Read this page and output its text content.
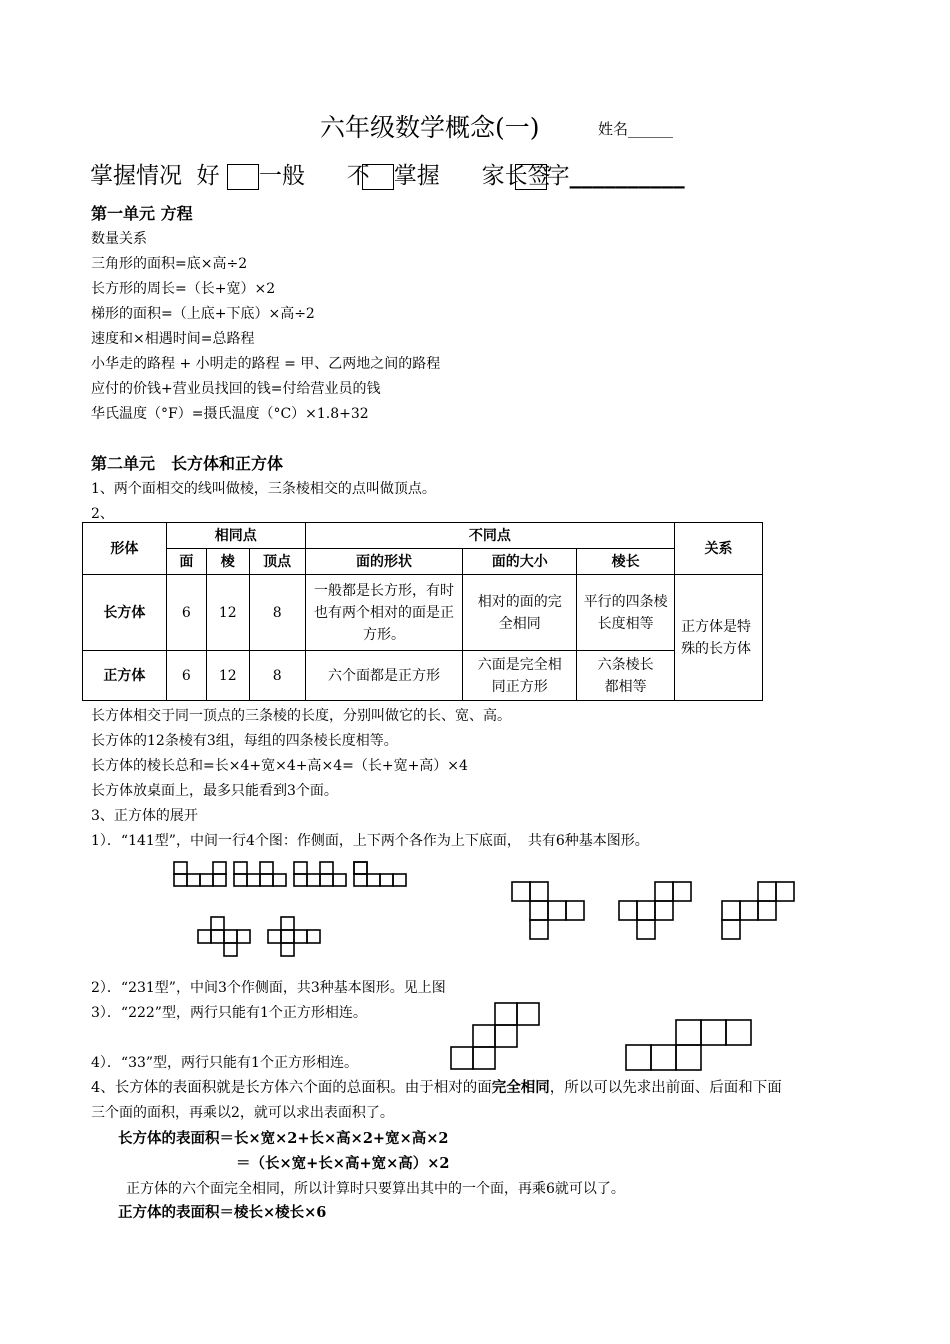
六年级数学概念(一)	姓名______
掌握情况 好 一般   不 掌握   家长签字__________
第一单元 方程
数量关系
三角形的面积=底×高÷2
长方形的周长=（长+宽）×2
梯形的面积=（上底+下底）×高÷2
速度和×相遇时间=总路程
小华走的路程 + 小明走的路程 = 甲、乙两地之间的路程
应付的价钱+营业员找回的钱=付给营业员的钱
华氏温度（°F）=摄氏温度（°C）×1.8+32
第二单元　长方体和正方体
1、两个面相交的线叫做棱，三条棱相交的点叫做顶点。
2、
形体	相同点			不同点			关系
	面	棱	顶点	面的形状	面的大小	棱长	
长方体	6	12	8	一般都是长方形，有时也有两个相对的面是正方形。	相对的面的完全相同	平行的四条棱长度相等	正方体是特殊的长方体
正方体	6	12	8	六个面都是正方形	六面是完全相同正方形	六条棱长都相等	
长方体相交于同一顶点的三条棱的长度，分别叫做它的长、宽、高。
长方体的12条棱有3组，每组的四条棱长度相等。
长方体的棱长总和=长×4+宽×4+高×4=（长+宽+高）×4
长方体放桌面上，最多只能看到3个面。
3、正方体的展开
1）．“141型”，中间一行4个图：作侧面，上下两个各作为上下底面，　共有6种基本图形。
2）．“231型”，中间3个作侧面，共3种基本图形。见上图
3）．“222”型，两行只能有1个正方形相连。
4）．“33”型，两行只能有1个正方形相连。
4、长方体的表面积就是长方体六个面的总面积。由于相对的面完全相同，所以可以先求出前面、后面和下面
三个面的面积，再乘以2，就可以求出表面积了。
长方体的表面积＝长×宽×2+长×高×2+宽×高×2
＝（长×宽+长×高+宽×高）×2
正方体的六个面完全相同，所以计算时只要算出其中的一个面，再乘6就可以了。
正方体的表面积＝棱长×棱长×6
